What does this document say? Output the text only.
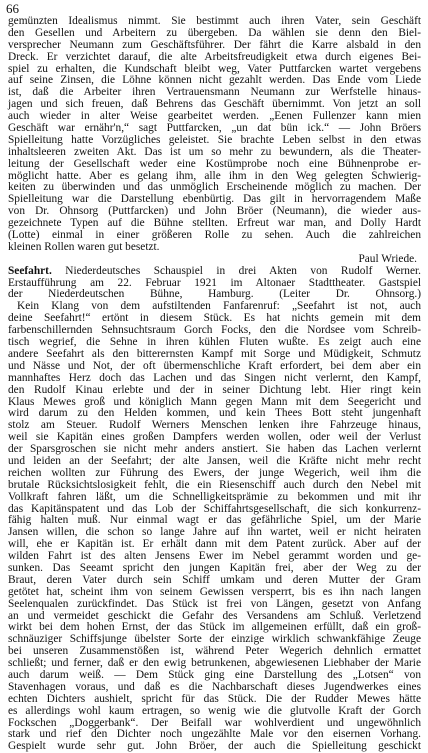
66
gemünzten Idealismus nimmt. Sie bestimmt auch ihren Vater, sein Geschäft
den Gesellen und Arbeitern zu übergeben. Da wählen sie denn den Biel-
versprecher Neumann zum Geschäftsführer. Der fährt die Karre alsbald in den
Dreck. Er verzichtet darauf, die alte Arbeitsfreudigkeit etwa durch eigenes Bei-
spiel zu erhalten, die Kundschaft bleibt weg, Vater Puttfarcken wartet vergebens
auf seine Zinsen, die Löhne können nicht gezahlt werden. Das Ende vom Liede
ist, daß die Arbeiter ihren Vertrauensmann Neumann zur Werfstelle hinaus-
jagen und sich freuen, daß Behrens das Geschäft übernimmt. Von jetzt an soll
auch wieder in alter Weise gearbeitet werden. „Eenen Fullenzer kann mien
Geschäft war ernähr'n,“ sagt Puttfarcken, „un dat bün ick.“ — John Bröers
Spielleitung hatte Vorzügliches geleistet. Sie brachte Leben selbst in den etwas
inhaltsleeren zweiten Akt. Das ist um so mehr zu bewundern, als die Theater-
leitung der Gesellschaft weder eine Kostümprobe noch eine Bühnenprobe er-
möglicht hatte. Aber es gelang ihm, alle ihm in den Weg gelegten Schwierig-
keiten zu überwinden und das unmöglich Erscheinende möglich zu machen. Der
Spielleitung war die Darstellung ebenbürtig. Das gilt in hervorragendem Maße
von Dr. Ohnsorg (Puttfarcken) und John Bröer (Neumann), die wieder aus-
gezeichnete Typen auf die Bühne stellten. Erfreut war man, and Dolly Hardt
(Lotte) einmal in einer größeren Rolle zu sehen. Auch die zahlreichen
kleinen Rollen waren gut besetzt.
Paul Wriede.
Seefahrt. Niederdeutsches Schauspiel in drei Akten von Rudolf Werner.
Erstaufführung am 22. Februar 1921 im Altonaer Stadttheater. Gastspiel
der Niederdeutschen Bühne, Hamburg. (Leiter Dr. Ohnsorg.)
Kein Klang von dem aufstiltenden Fanfarenruf: „Seefahrt ist not, auch
deine Seefahrt!“ ertönt in diesem Stück. Es hat nichts gemein mit dem
farbenschillernden Sehnsuchtsraum Gorch Focks, den die Nordsee vom Schreib-
tisch wegrief, die Sehne in ihren kühlen Fluten wußte. Es zeigt auch eine
andere Seefahrt als den bitterernsten Kampf mit Sorge und Müdigkeit, Schmutz
und Nässe und Not, der oft übermenschliche Kraft erfordert, bei dem aber ein
mannhaftes Herz doch das Lachen und das Singen nicht verlernt, den Kampf,
den Rudolf Kinau erlebte und der in seiner Dichtung lebt. Hier ringt kein
Klaus Mewes groß und königlich Mann gegen Mann mit dem Seegericht und
wird darum zu den Helden kommen, und kein Thees Bott steht jungenhaft
stolz am Steuer. Rudolf Werners Menschen lenken ihre Fahrzeuge hinaus,
weil sie Kapitän eines großen Dampfers werden wollen, oder weil der Verlust
der Sparsgroschen sie nicht mehr anders anstiert. Sie haben das Lachen verlernt
und leiden an der Seefahrt; der alte Jansen, weil die Kräfte nicht mehr recht
reichen wollten zur Führung des Ewers, der junge Wegerich, weil ihm die
brutale Rücksichtslosigkeit fehlt, die ein Riesenschiff auch durch den Nebel mit
Vollkraft fahren läßt, um die Schnelligkeitsprämie zu bekommen und mit ihr
das Kapitänspatent und das Lob der Schiffahrtsgesellschaft, die sich konkurrenz-
fähig halten muß. Nur einmal wagt er das gefährliche Spiel, um der Marie
Jansen willen, die schon so lange Jahre auf ihn wartet, weil er nicht heiraten
will, ehe er Kapitän ist. Er erhält dann mit dem Patent zurück. Aber auf der
wilden Fahrt ist des alten Jensens Ewer im Nebel gerammt worden und ge-
sunken. Das Seeamt spricht den jungen Kapitän frei, aber der Weg zu der
Braut, deren Vater durch sein Schiff umkam und deren Mutter der Gram
getötet hat, scheint ihm von seinem Gewissen versperrt, bis es ihn nach langen
Seelenqualen zurückfindet. Das Stück ist frei von Längen, gesetzt von Anfang
an und vermeidet geschickt die Gefahr des Versandens am Schluß. Verletzend
wirkt bei dem hohen Ernst, der das Stück im allgemeinen erfüllt, daß ein groß-
schnäuziger Schiffsjunge übelster Sorte der einzige wirklich schwankfähige Zeuge
bei unseren Zusammenstößen ist, während Peter Wegerich dehnlich ermattet
schließt; und ferner, daß er den ewig betrunkenen, abgewiesenen Liebhaber der Marie
auch darum weiß. — Dem Stück ging eine Darstellung des „Lotsen“ von
Stavenhagen voraus, und daß es die Nachbarschaft dieses Jugendwerkes eines
echten Dichters aushielt, spricht für das Stück. Die der Rudder Mewes hätte
es allerdings wohl kaum ertragen, so wenig wie die glutvolle Kraft der Gorch
Fockschen „Doggerbank“. Der Beifall war wohlverdient und ungewöhnlich
stark und rief den Dichter noch ungezählte Male vor den eisernen Vorhang.
Gespielt wurde sehr gut. John Bröer, der auch die Spielleitung geschickt
